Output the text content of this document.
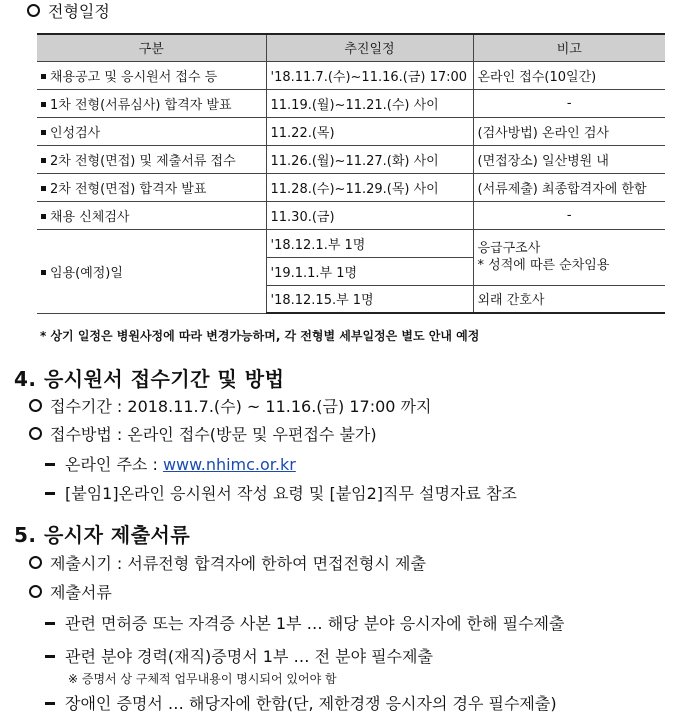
전형일정
구분	추진일정	비고
채용공고 및 응시원서 접수 등	'18.11.7.(수)~11.16.(금) 17:00	온라인 접수(10일간)
1차 전형(서류심사) 합격자 발표	11.19.(월)~11.21.(수) 사이	-
인성검사	11.22.(목)	(검사방법) 온라인 검사
2차 전형(면접) 및 제출서류 접수	11.26.(월)~11.27.(화) 사이	(면접장소) 일산병원 내
2차 전형(면접) 합격자 발표	11.28.(수)~11.29.(목) 사이	(서류제출) 최종합격자에 한함
채용 신체검사	11.30.(금)	-
임용(예정)일	'18.12.1.부 1명	응급구조사
* 성적에 따른 순차임용

	'19.1.1.부 1명	
	'18.12.15.부 1명	외래 간호사
* 상기 일정은 병원사정에 따라 변경가능하며, 각 전형별 세부일정은 별도 안내 예정
4. 응시원서 접수기간 및 방법
접수기간 : 2018.11.7.(수) ~ 11.16.(금) 17:00 까지
접수방법 : 온라인 접수(방문 및 우편접수 불가)
온라인 주소 : www.nhimc.or.kr
[붙임1]온라인 응시원서 작성 요령 및 [붙임2]직무 설명자료 참조
5. 응시자 제출서류
제출시기 : 서류전형 합격자에 한하여 면접전형시 제출
제출서류
관련 면허증 또는 자격증 사본 1부 … 해당 분야 응시자에 한해 필수제출
관련 분야 경력(재직)증명서 1부 … 전 분야 필수제출
※ 증명서 상 구체적 업무내용이 명시되어 있어야 함
장애인 증명서 … 해당자에 한함(단, 제한경쟁 응시자의 경우 필수제출)
